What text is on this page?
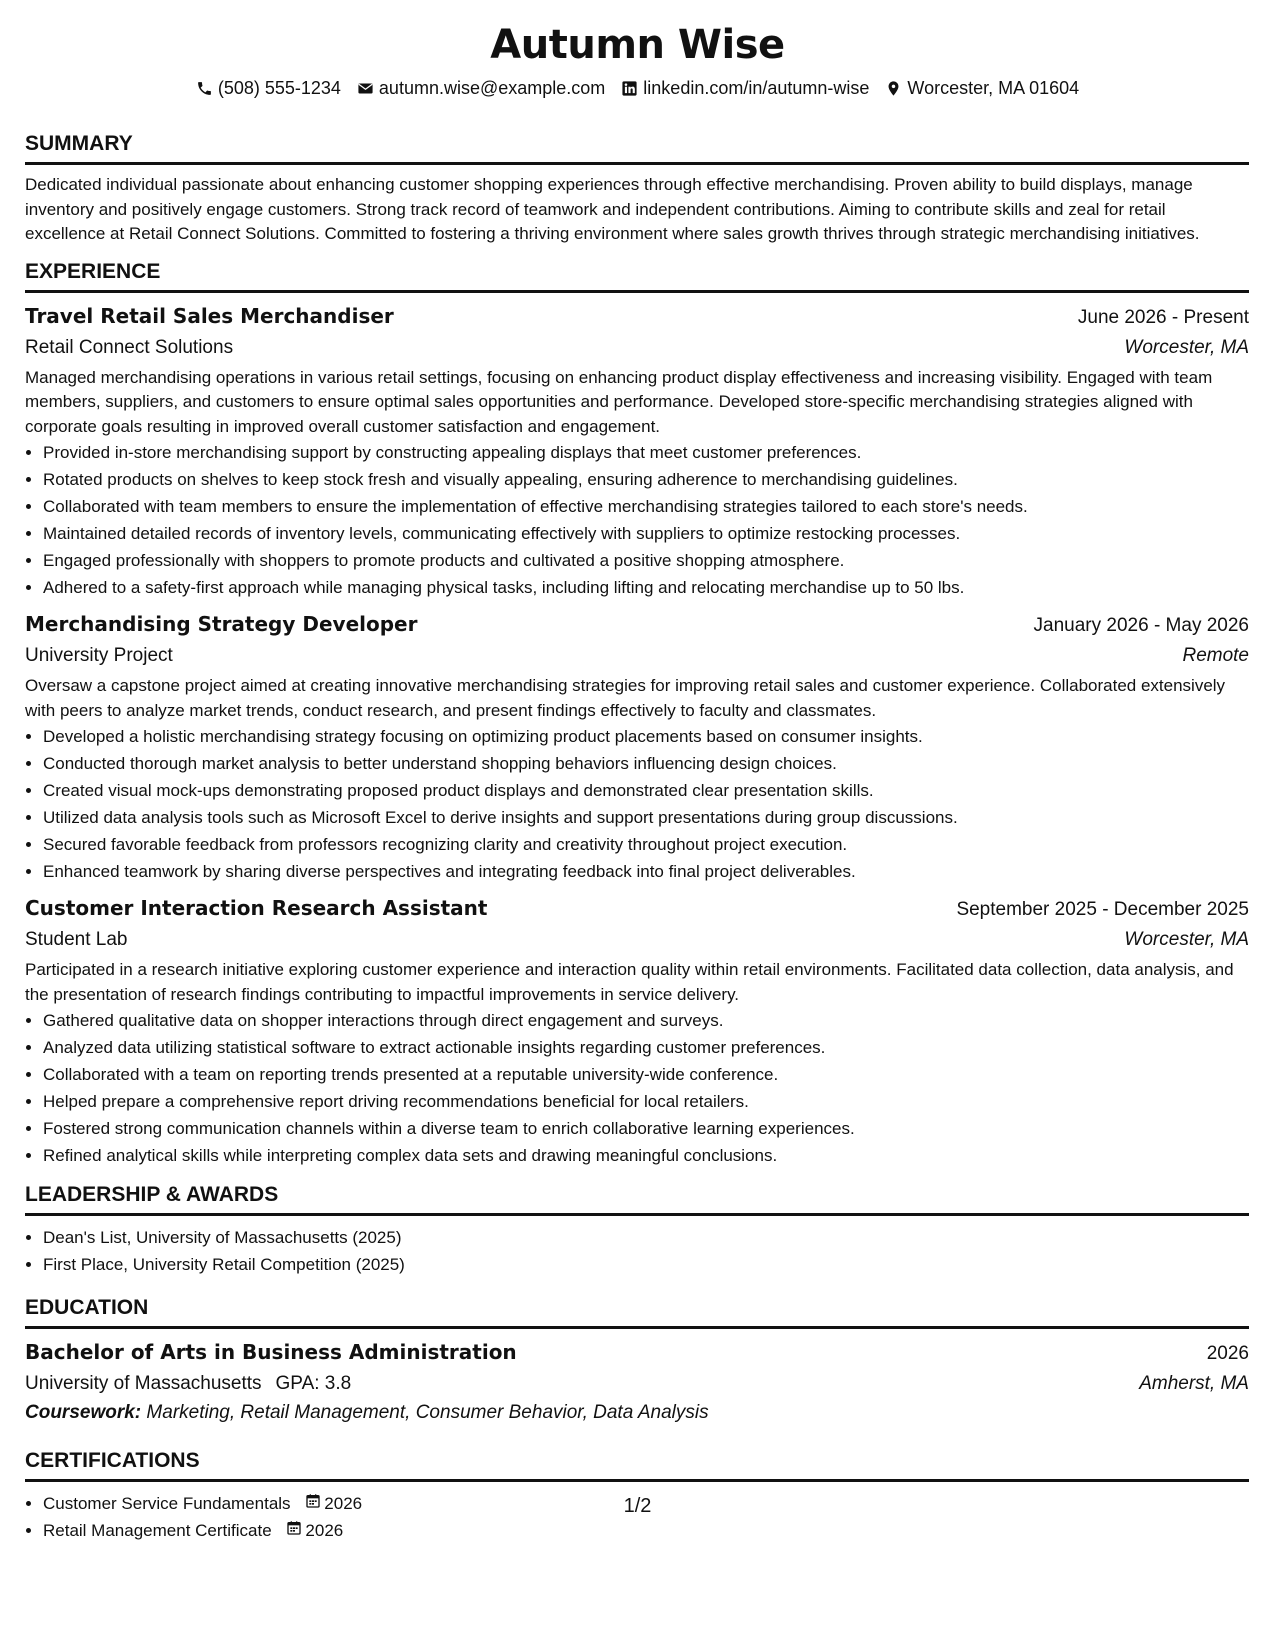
Autumn Wise
(508) 555-1234 autumn.wise@example.com linkedin.com/in/autumn-wise Worcester, MA 01604
SUMMARY
Dedicated individual passionate about enhancing customer shopping experiences through effective merchandising. Proven ability to build displays, manage inventory and positively engage customers. Strong track record of teamwork and independent contributions. Aiming to contribute skills and zeal for retail excellence at Retail Connect Solutions. Committed to fostering a thriving environment where sales growth thrives through strategic merchandising initiatives.
EXPERIENCE
Travel Retail Sales Merchandiser	June 2026 - Present
Retail Connect Solutions	Worcester, MA
Managed merchandising operations in various retail settings, focusing on enhancing product display effectiveness and increasing visibility. Engaged with team members, suppliers, and customers to ensure optimal sales opportunities and performance. Developed store-specific merchandising strategies aligned with corporate goals resulting in improved overall customer satisfaction and engagement.
• Provided in-store merchandising support by constructing appealing displays that meet customer preferences.
• Rotated products on shelves to keep stock fresh and visually appealing, ensuring adherence to merchandising guidelines.
• Collaborated with team members to ensure the implementation of effective merchandising strategies tailored to each store's needs.
• Maintained detailed records of inventory levels, communicating effectively with suppliers to optimize restocking processes.
• Engaged professionally with shoppers to promote products and cultivated a positive shopping atmosphere.
• Adhered to a safety-first approach while managing physical tasks, including lifting and relocating merchandise up to 50 lbs.
Merchandising Strategy Developer	January 2026 - May 2026
University Project	Remote
Oversaw a capstone project aimed at creating innovative merchandising strategies for improving retail sales and customer experience. Collaborated extensively with peers to analyze market trends, conduct research, and present findings effectively to faculty and classmates.
• Developed a holistic merchandising strategy focusing on optimizing product placements based on consumer insights.
• Conducted thorough market analysis to better understand shopping behaviors influencing design choices.
• Created visual mock-ups demonstrating proposed product displays and demonstrated clear presentation skills.
• Utilized data analysis tools such as Microsoft Excel to derive insights and support presentations during group discussions.
• Secured favorable feedback from professors recognizing clarity and creativity throughout project execution.
• Enhanced teamwork by sharing diverse perspectives and integrating feedback into final project deliverables.
Customer Interaction Research Assistant	September 2025 - December 2025
Student Lab	Worcester, MA
Participated in a research initiative exploring customer experience and interaction quality within retail environments. Facilitated data collection, data analysis, and the presentation of research findings contributing to impactful improvements in service delivery.
• Gathered qualitative data on shopper interactions through direct engagement and surveys.
• Analyzed data utilizing statistical software to extract actionable insights regarding customer preferences.
• Collaborated with a team on reporting trends presented at a reputable university-wide conference.
• Helped prepare a comprehensive report driving recommendations beneficial for local retailers.
• Fostered strong communication channels within a diverse team to enrich collaborative learning experiences.
• Refined analytical skills while interpreting complex data sets and drawing meaningful conclusions.
LEADERSHIP & AWARDS
• Dean's List, University of Massachusetts (2025)
• First Place, University Retail Competition (2025)
EDUCATION
Bachelor of Arts in Business Administration	2026
University of Massachusetts GPA: 3.8	Amherst, MA
Coursework: Marketing, Retail Management, Consumer Behavior, Data Analysis
CERTIFICATIONS
• Customer Service Fundamentals 2026
• Retail Management Certificate 2026
1/2
